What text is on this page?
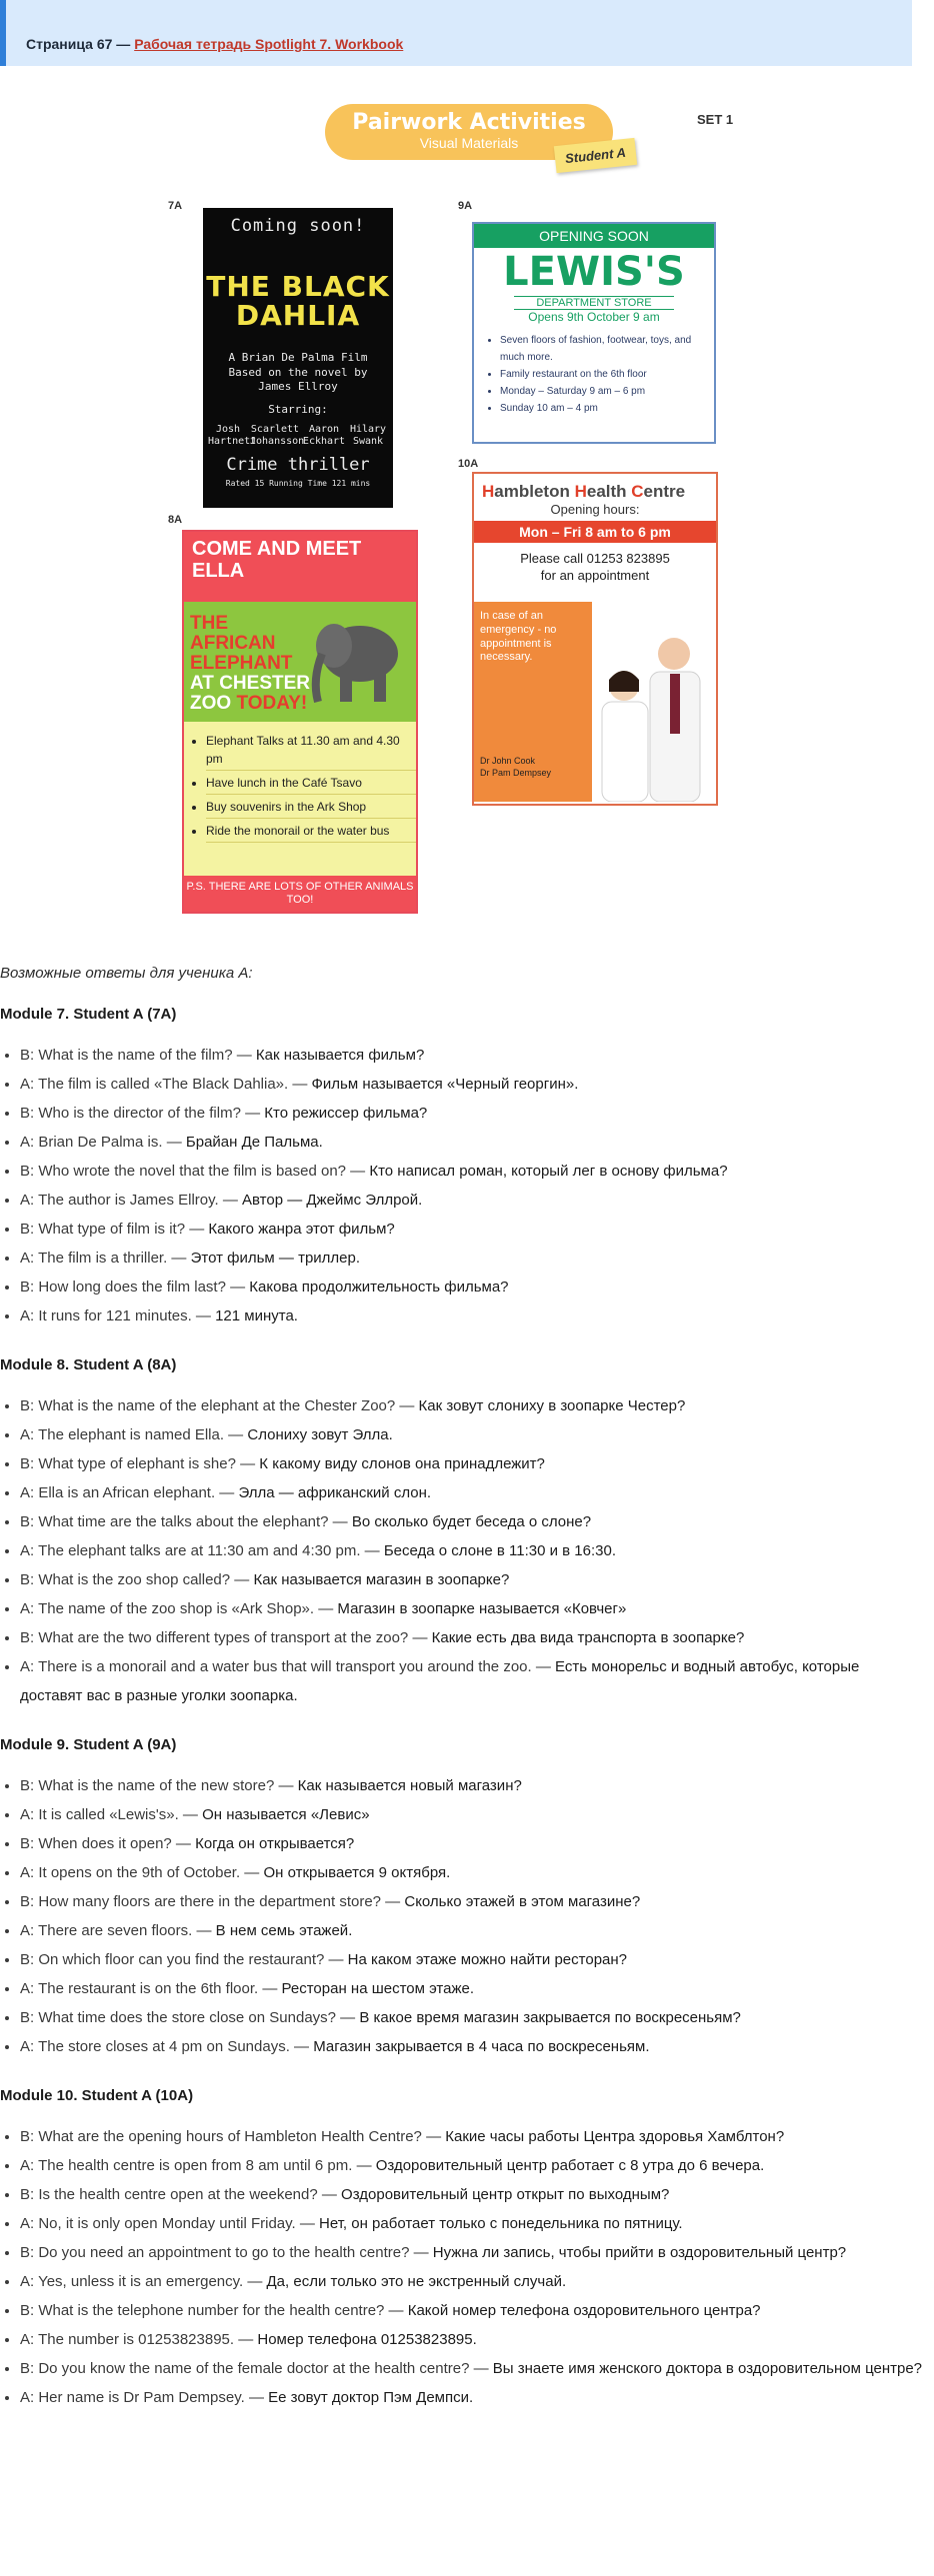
Страница 67 — Рабочая тетрадь Spotlight 7. Workbook
Pairwork Activities
Visual Materials
Student A
SET 1
7A	9A
10A
8A
Coming soon!
THE BLACK
DAHLIA
A Brian De Palma Film
Based on the novel by
James Ellroy
Starring:
Josh Hartnett
Scarlett Johansson
Aaron Eckhart
Hilary Swank
Crime thriller
Rated 15 Running Time 121 mins
OPENING SOON
LEWIS'S
DEPARTMENT STORE
Opens 9th October 9 am
• Seven floors of fashion, footwear, toys, and much more.
• Family restaurant on the 6th floor
• Monday – Saturday 9 am – 6 pm
• Sunday 10 am – 4 pm
Hambleton Health Centre
Opening hours:
Mon – Fri 8 am to 6 pm
Please call 01253 823895
for an appointment
In case of an emergency - no appointment is necessary.
Dr John Cook
Dr Pam Dempsey
COME AND MEET ELLA
THE
AFRICAN
ELEPHANT
AT CHESTER
ZOO TODAY!
• Elephant Talks at 11.30 am and 4.30 pm
• Have lunch in the Café Tsavo
• Buy souvenirs in the Ark Shop
• Ride the monorail or the water bus
P.S. THERE ARE LOTS OF OTHER ANIMALS TOO!

Возможные ответы для ученика А:

Module 7. Student A (7A)

• B: What is the name of the film? — Как называется фильм?
• A: The film is called «The Black Dahlia». — Фильм называется «Черный георгин».
• B: Who is the director of the film? — Кто режиссер фильма?
• A: Brian De Palma is. — Брайан Де Пальма.
• B: Who wrote the novel that the film is based on? — Кто написал роман, который лег в основу фильма?
• A: The author is James Ellroy. — Автор — Джеймс Эллрой.
• B: What type of film is it? — Какого жанра этот фильм?
• A: The film is a thriller. — Этот фильм — триллер.
• B: How long does the film last? — Какова продолжительность фильма?
• A: It runs for 121 minutes. — 121 минута.

Module 8. Student A (8A)

• B: What is the name of the elephant at the Chester Zoo? — Как зовут слониху в зоопарке Честер?
• A: The elephant is named Ella. — Слониху зовут Элла.
• B: What type of elephant is she? — К какому виду слонов она принадлежит?
• A: Ella is an African elephant. — Элла — африканский слон.
• B: What time are the talks about the elephant? — Во сколько будет беседа о слоне?
• A: The elephant talks are at 11:30 am and 4:30 pm. — Беседа о слоне в 11:30 и в 16:30.
• B: What is the zoo shop called? — Как называется магазин в зоопарке?
• A: The name of the zoo shop is «Ark Shop». — Магазин в зоопарке называется «Ковчег»
• B: What are the two different types of transport at the zoo? — Какие есть два вида транспорта в зоопарке?
• A: There is a monorail and a water bus that will transport you around the zoo. — Есть монорельс и водный автобус, которые доставят вас в разные уголки зоопарка.

Module 9. Student A (9A)

• B: What is the name of the new store? — Как называется новый магазин?
• A: It is called «Lewis's». — Он называется «Левис»
• B: When does it open? — Когда он открывается?
• A: It opens on the 9th of October. — Он открывается 9 октября.
• B: How many floors are there in the department store? — Сколько этажей в этом магазине?
• A: There are seven floors. — В нем семь этажей.
• B: On which floor can you find the restaurant? — На каком этаже можно найти ресторан?
• A: The restaurant is on the 6th floor. — Ресторан на шестом этаже.
• B: What time does the store close on Sundays? — В какое время магазин закрывается по воскресеньям?
• A: The store closes at 4 pm on Sundays. — Магазин закрывается в 4 часа по воскресеньям.

Module 10. Student A (10A)

• B: What are the opening hours of Hambleton Health Centre? — Какие часы работы Центра здоровья Хамблтон?
• A: The health centre is open from 8 am until 6 pm. — Оздоровительный центр работает с 8 утра до 6 вечера.
• B: Is the health centre open at the weekend? — Оздоровительный центр открыт по выходным?
• A: No, it is only open Monday until Friday. — Нет, он работает только с понедельника по пятницу.
• B: Do you need an appointment to go to the health centre? — Нужна ли запись, чтобы прийти в оздоровительный центр?
• A: Yes, unless it is an emergency. — Да, если только это не экстренный случай.
• B: What is the telephone number for the health centre? — Какой номер телефона оздоровительного центра?
• A: The number is 01253823895. — Номер телефона 01253823895.
• B: Do you know the name of the female doctor at the health centre? — Вы знаете имя женского доктора в оздоровительном центре?
• A: Her name is Dr Pam Dempsey. — Ее зовут доктор Пэм Демпси.
